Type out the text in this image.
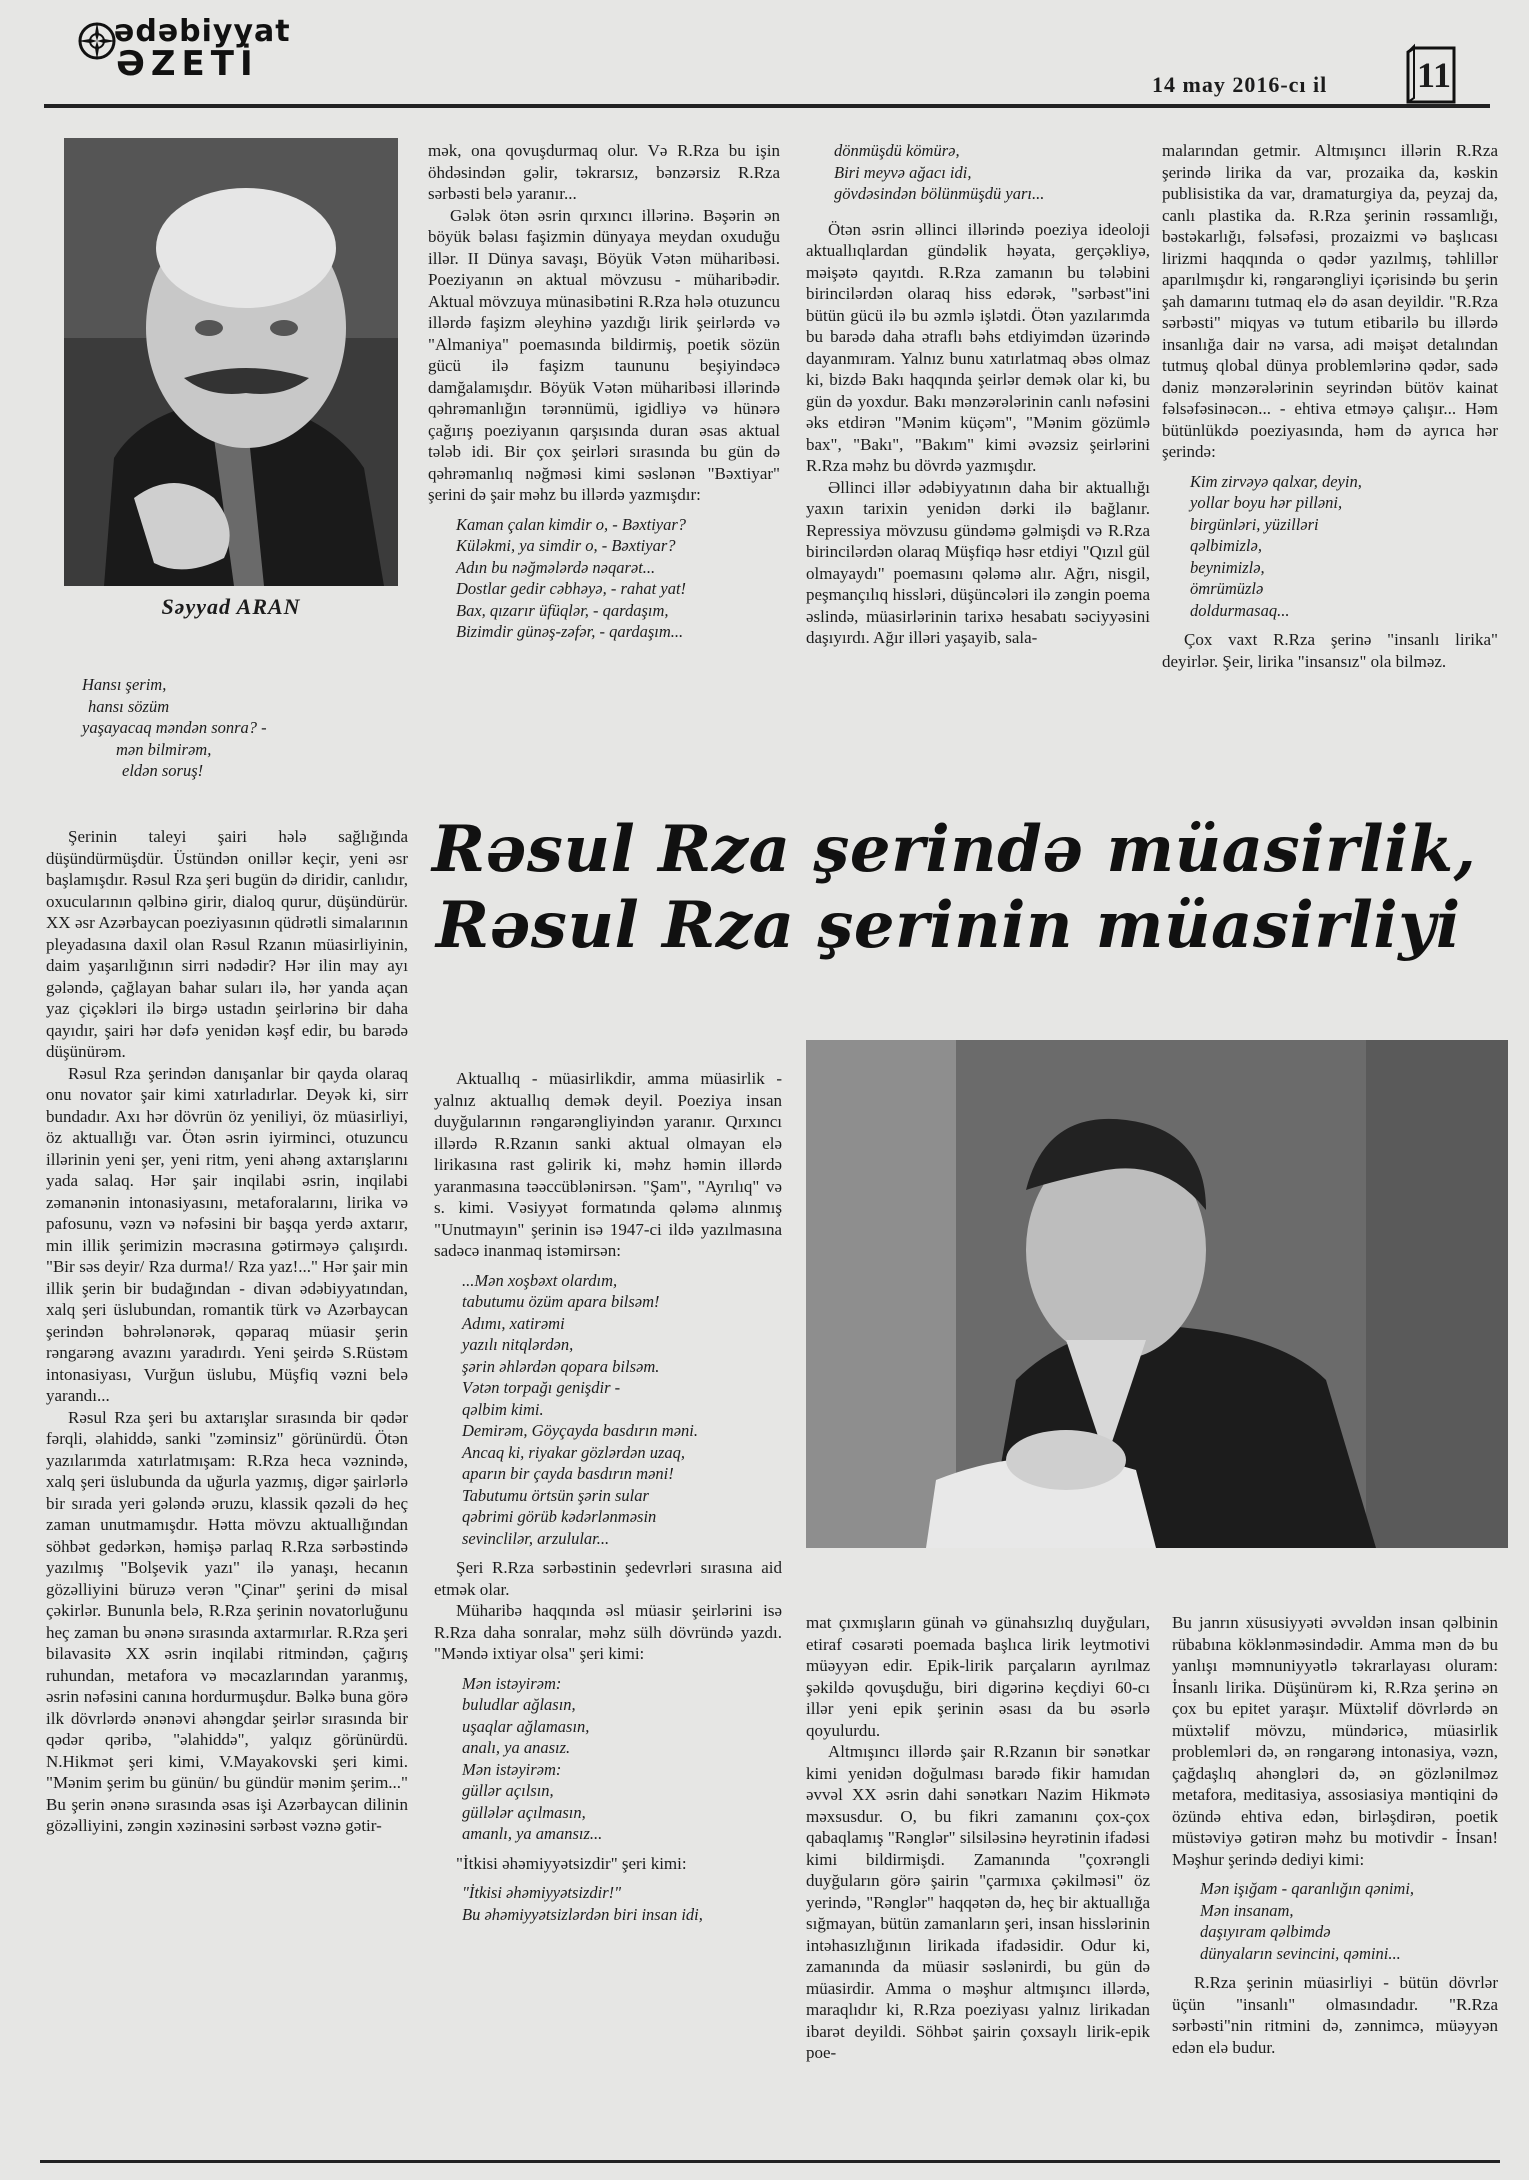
ədəbiyyat
ƏZETİ
14 may 2016-cı il 11
Səyyad ARAN
Hansı şerim,
hansı sözüm
yaşayacaq məndən sonra? -
mən bilmirəm,
eldən soruş!

Şerinin taleyi şairi hələ sağlığında düşündürmüşdür. Üstündən onillər keçir, yeni əsr başlamışdır. Rəsul Rza şeri bugün də diridir, canlıdır, oxucularının qəlbinə girir, dialoq qurur, düşündürür. XX əsr Azərbaycan poeziyasının qüdrətli simalarının pleyadasına daxil olan Rəsul Rzanın müasirliyinin, daim yaşarılığının sirri nədədir? Hər ilin may ayı gələndə, çağlayan bahar suları ilə, hər yanda açan yaz çiçəkləri ilə birgə ustadın şeirlərinə bir daha qayıdır, şairi hər dəfə yenidən kəşf edir, bu barədə düşünürəm.

Rəsul Rza şerindən danışanlar bir qayda olaraq onu novator şair kimi xatırladırlar. Deyək ki, sirr bundadır. Axı hər dövrün öz yeniliyi, öz müasirliyi, öz aktuallığı var. Ötən əsrin iyirminci, otuzuncu illərinin yeni şer, yeni ritm, yeni ahəng axtarışlarını yada salaq. Hər şair inqilabi əsrin, inqilabi zəmanənin intonasiyasını, metaforalarını, lirika və pafosunu, vəzn və nəfəsini bir başqa yerdə axtarır, min illik şerimizin məcrasına gətirməyə çalışırdı. "Bir səs deyir/ Rza durma!/ Rza yaz!..." Hər şair min illik şerin bir budağından - divan ədəbiyyatından, xalq şeri üslubundan, romantik türk və Azərbaycan şerindən bəhrələnərək, qəparaq müasir şerin rəngarəng avazını yaradırdı. Yeni şeirdə S.Rüstəm intonasiyası, Vurğun üslubu, Müşfiq vəzni belə yarandı...

Rəsul Rza şeri bu axtarışlar sırasında bir qədər fərqli, əlahiddə, sanki "zəminsiz" görünürdü. Ötən yazılarımda xatırlatmışam: R.Rza heca vəznində, xalq şeri üslubunda da uğurla yazmış, digər şairlərlə bir sırada yeri gələndə əruzu, klassik qəzəli də heç zaman unutmamışdır. Hətta mövzu aktuallığından söhbət gedərkən, həmişə parlaq R.Rza sərbəstində yazılmış "Bolşevik yazı" ilə yanaşı, hecanın gözəlliyini büruzə verən "Çinar" şerini də misal çəkirlər. Bununla belə, R.Rza şerinin novatorluğunu heç zaman bu ənənə sırasında axtarmırlar. R.Rza şeri bilavasitə XX əsrin inqilabi ritmindən, çağırış ruhundan, metafora və məcazlarından yaranmış, əsrin nəfəsini canına hordurmuşdur. Bəlkə buna görə ilk dövrlərdə ənənəvi ahəngdar şeirlər sırasında bir qədər qəribə, "əlahiddə", yalqız görünürdü. N.Hikmət şeri kimi, V.Mayakovski şeri kimi. "Mənim şerim bu günün/ bu gündür mənim şerim..." Bu şerin ənənə sırasında əsas işi Azərbaycan dilinin gözəlliyini, zəngin xəzinəsini sərbəst vəznə gətir-

mək, ona qovuşdurmaq olur. Və R.Rza bu işin öhdəsindən gəlir, təkrarsız, bənzərsiz R.Rza sərbəsti belə yaranır...

Gələk ötən əsrin qırxıncı illərinə. Bəşərin ən böyük bəlası faşizmin dünyaya meydan oxuduğu illər. II Dünya savaşı, Böyük Vətən müharibəsi. Poeziyanın ən aktual mövzusu - müharibədir. Aktual mövzuya münasibətini R.Rza hələ otuzuncu illərdə faşizm əleyhinə yazdığı lirik şeirlərdə və "Almaniya" poemasında bildirmiş, poetik sözün gücü ilə faşizm taununu beşiyindəcə damğalamışdır. Böyük Vətən müharibəsi illərində qəhrəmanlığın tərənnümü, igidliyə və hünərə çağırış poeziyanın qarşısında duran əsas aktual tələb idi. Bir çox şeirləri sırasında bu gün də qəhrəmanlıq nəğməsi kimi səslənən "Bəxtiyar" şerini də şair məhz bu illərdə yazmışdır:

Kaman çalan kimdir o, - Bəxtiyar?
Küləkmi, ya simdir o, - Bəxtiyar?
Adın bu nəğmələrdə nəqarət...
Dostlar gedir cəbhəyə, - rahat yat!
Bax, qızarır üfüqlər, - qardaşım,
Bizimdir günəş-zəfər, - qardaşım...
dönmüşdü kömürə,
Biri meyvə ağacı idi,
gövdəsindən bölünmüşdü yarı...

Ötən əsrin əllinci illərində poeziya ideoloji aktuallıqlardan gündəlik həyata, gerçəkliyə, məişətə qayıtdı. R.Rza zamanın bu tələbini birincilərdən olaraq hiss edərək, "sərbəst"ini bütün gücü ilə bu əzmlə işlətdi. Ötən yazılarımda bu barədə daha ətraflı bəhs etdiyimdən üzərində dayanmıram. Yalnız bunu xatırlatmaq əbəs olmaz ki, bizdə Bakı haqqında şeirlər demək olar ki, bu gün də yoxdur. Bakı mənzərələrinin canlı nəfəsini əks etdirən "Mənim küçəm", "Mənim gözümlə bax", "Bakı", "Bakım" kimi əvəzsiz şeirlərini R.Rza məhz bu dövrdə yazmışdır.

Əllinci illər ədəbiyyatının daha bir aktuallığı yaxın tarixin yenidən dərki ilə bağlanır. Repressiya mövzusu gündəmə gəlmişdi və R.Rza birincilərdən olaraq Müşfiqə həsr etdiyi "Qızıl gül olmayaydı" poemasını qələmə alır. Ağrı, nisgil, peşmançılıq hissləri, düşüncələri ilə zəngin poema əslində, müasirlərinin tarixə hesabatı səciyyəsini daşıyırdı. Ağır illəri yaşayib, sala-

malarından getmir. Altmışıncı illərin R.Rza şerində lirika da var, prozaika da, kəskin publisistika da var, dramaturgiya da, peyzaj da, canlı plastika da. R.Rza şerinin rəssamlığı, bəstəkarlığı, fəlsəfəsi, prozaizmi və başlıcası lirizmi haqqında o qədər yazılmış, təhlillər aparılmışdır ki, rəngarəngliyi içərisində bu şerin şah damarını tutmaq elə də asan deyildir. "R.Rza sərbəsti" miqyas və tutum etibarilə bu illərdə insanlığa dair nə varsa, adi məişət detalından tutmuş qlobal dünya problemlərinə qədər, sadə dəniz mənzərələrinin seyrindən bütöv kainat fəlsəfəsinəcən... - ehtiva etməyə çalışır... Həm bütünlükdə poeziyasında, həm də ayrıca hər şerində:

Kim zirvəyə qalxar, deyin,
yollar boyu hər pilləni,
birgünləri, yüzilləri
qəlbimizlə,
beynimizlə,
ömrümüzlə
doldurmasaq...

Çox vaxt R.Rza şerinə "insanlı lirika" deyirlər. Şeir, lirika "insansız" ola bilməz.

Rəsul Rza şerində müasirlik,
Rəsul Rza şerinin müasirliyi

Aktuallıq - müasirlikdir, amma müasirlik - yalnız aktuallıq demək deyil. Poeziya insan duyğularının rəngarəngliyindən yaranır. Qırxıncı illərdə R.Rzanın sanki aktual olmayan elə lirikasına rast gəlirik ki, məhz həmin illərdə yaranmasına təəccüblənirsən. "Şam", "Ayrılıq" və s. kimi. Vəsiyyət formatında qələmə alınmış "Unutmayın" şerinin isə 1947-ci ildə yazılmasına sadəcə inanmaq istəmirsən:

...Mən xoşbəxt olardım,
tabutumu özüm apara bilsəm!
Adımı, xatirəmi
yazılı nitqlərdən,
şərin əhlərdən qopara bilsəm.
Vətən torpağı genişdir -
qəlbim kimi.
Demirəm, Göyçayda basdırın məni.
Ancaq ki, riyakar gözlərdən uzaq,
aparın bir çayda basdırın məni!
Tabutumu örtsün şərin sular
qəbrimi görüb kədərlənməsin
sevinclilər, arzulular...

Şeri R.Rza sərbəstinin şedevrləri sırasına aid etmək olar.

Müharibə haqqında əsl müasir şeirlərini isə R.Rza daha sonralar, məhz sülh dövründə yazdı. "Məndə ixtiyar olsa" şeri kimi:

Mən istəyirəm:
buludlar ağlasın,
uşaqlar ağlamasın,
analı, ya anasız.
Mən istəyirəm:
güllər açılsın,
güllələr açılmasın,
amanlı, ya amansız...

"İtkisi əhəmiyyətsizdir" şeri kimi:

"İtkisi əhəmiyyətsizdir!"
Bu əhəmiyyətsizlərdən biri insan idi,

mat çıxmışların günah və günahsızlıq duyğuları, etiraf cəsarəti poemada başlıca lirik leytmotivi müəyyən edir. Epik-lirik parçaların ayrılmaz şəkildə qovuşduğu, biri digərinə keçdiyi 60-cı illər yeni epik şerinin əsası da bu əsərlə qoyulurdu.

Altmışıncı illərdə şair R.Rzanın bir sənətkar kimi yenidən doğulması barədə fikir hamıdan əvvəl XX əsrin dahi sənətkarı Nazim Hikmətə məxsusdur. O, bu fikri zamanını çox-çox qabaqlamış "Rənglər" silsiləsinə heyrətinin ifadəsi kimi bildirmişdi. Zamanında "çoxrəngli duyğuların görə şairin "çarmıxa çəkilməsi" öz yerində, "Rənglər" haqqətən də, heç bir aktuallığa sığmayan, bütün zamanların şeri, insan hisslərinin intəhasızlığının lirikada ifadəsidir. Odur ki, zamanında da müasir səslənirdi, bu gün də müasirdir. Amma o məşhur altmışıncı illərdə, maraqlıdır ki, R.Rza poeziyası yalnız lirikadan ibarət deyildi. Söhbət şairin çoxsaylı lirik-epik poe-

Bu janrın xüsusiyyəti əvvəldən insan qəlbinin rübabına köklənməsindədir. Amma mən də bu yanlışı məmnuniyyətlə təkrarlayası oluram: İnsanlı lirika. Düşünürəm ki, R.Rza şerinə ən çox bu epitet yaraşır. Müxtəlif dövrlərdə ən müxtəlif mövzu, mündəricə, müasirlik problemləri də, ən rəngarəng intonasiya, vəzn, çağdaşlıq ahəngləri də, ən gözlənilməz metafora, meditasiya, assosiasiya məntiqini də özündə ehtiva edən, birləşdirən, poetik müstəviyə gətirən məhz bu motivdir - İnsan! Məşhur şerində dediyi kimi:

Mən işığam - qaranlığın qənimi,
Mən insanam,
daşıyıram qəlbimdə
dünyaların sevincini, qəmini...

R.Rza şerinin müasirliyi - bütün dövrlər üçün "insanlı" olmasındadır. "R.Rza sərbəsti"nin ritmini də, zənnimcə, müəyyən edən elə budur.
